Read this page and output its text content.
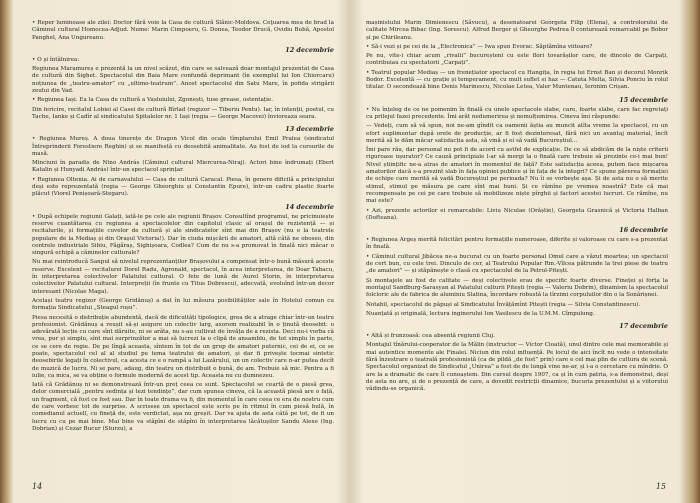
• Reper luminoase ale zilei: Doctor fără voie la Casa de cultură Slănic-Moldova. Ceţuarea mea de brad la Căminul cultural Homocea-Adjud. Nume: Marin Cimpoeru, G. Donea, Teodor Drucă, Ovidiu Bubă, Apostol Panghel, Ana Ungureanu.

12 decembrie

• O și întâlnirea:

Regiunea Maramureș e prezentă la un nivel scăzut, din care se salvează doar montajul prezentat de Casa de cultură din Sighet. Spectacolul din Baia Mare confundă deprimant (în exemplul lui Ion Chiorcaru) noțiunea de „teatru-amator” cu „ultimo-teatrum”. Anost spectacolul din Satu Mare, în pofida strigării zeului din Vad.

• Regiunea Iași. Ea la Casa de cultură a Vasluiului, Zgonești, tuse grease, ostentație.

Din fericire, recitalul Lobiei al Casei de cultură Bîrlad (regizor — Tiberiu Pentu). Iar, în intenții, poetul, cu Tache, Ianke și Cadîr al sindicatului Spitalelor nr. 1 Iași (regia — George Macovei) învioreaza seara.

13 decembrie

• Regiunea Mureș. A doua tinerețe de Dragon Vicol din ocale tîmplarului Emil Pralea (sindicatul Întreprinderii Forestiere Reghin) și se manifestă cu deosebită animalitate. Au fost de iod la cursurile de masă.

Minciuni în paradis de Nino András (Căminul cultural Miercurea-Niraj). Actori bine îndrumați (Ebert Katalin și Hunyadi András) într-un spectacol sprințar.

• Regiunea Oltenia. Ai de carnavalului — Casa de cultură Caracal. Piesa, în genere dificilă a principiului deși este reprezentată (regia — George Gheorghiu și Constantin Epure), într-un cadru plastic foarte plăcut (Viorel Penișoară-Stegaru).

14 decembrie

• După echipele regiunii Galați, iată-le pe cele ale regiunii Brașov. Consultînd programul, ne pricinuiește reserve cuantătarea cu regiunea a spectacolelor din capitolul clasic al orașul de rezistență — și recitalurile, și formațiile cuvelor de cultură și ale sindicatelor sînt mai din Brașov (nu e la teatrele populare de la Mediaș și din Orașul Victoria!). Dar în ciuda mișcării de amatori, altă câtă ne oboseo, din centrele industriale Sibiu, Făgăraș, Sighișoara, Codlea? Cum de nu s-a promovat în finală nici măcar o singură echipă a căminelor culturale?

Nu mai reintroducă Sanpul să nivelul reprezentanților Brașovului a compensat într-o bună măsură aceste reserve. Excelent — recitalurei Dorel Radu, Agronald, spectacol, în acea interpretarea, de Doar Tabacu, în interpretarea colectivelor Palatului cultural. O fete de lună de Aurel Storin, în interpretarea colectivelor Palatului cultural. Interpreții (în frunte cu Titus Dobrescu), adecvată, evoluînd într-un decor interesant (Nicolae Maga).

Același teatru regizor (George Gridănuș) a dat în lui măsura posibilităților sale în Hotelul comun cu formația Sindicatului „Steagul roșu”.

Piesa necesită o distribuție abundentă, dacă de dificultăți tipologice, grea de a atrage chiar într-un teatru profesionist. Grădănuș a reușit să-și asigure un colectiv larg, axorem realizabil în o ținută deosebit: o adevărată lecție cu care sînt dăruite, ni se arăta, nu s-au cultivat de învăța de a rezista. Deci nu-i vorba că vrea, pur și simplu, sînt mai surprinzător a mai să lucrezi la o clipă de ansamblu, de tot simplu în parte, ce se cere de regie. De pe lîngă aceasta, sîntem în tot de un grup de amatori puternic, cei de ei, ce se poate, spectacolul cel al al studiul pe tema teatrului de amatori, și dar fi privește tocmai sintetic deosebirile legați în colectivul, ca acesta ce e o rampă a lui Lazărului, un un colectiv care n-ar putea decît de muzică de lucru. Ni se pare, adaug, din teatru un distribuit o bună, de am. Trebuie să mic. Pentru a fi iulie, ca mica, se va obține o formule modernă de acest tip. Aceasta nu cu dumnezeu.

Iată că Grădănuș ni se demonstrează într-un preț ceea ce sunt. Spectacolul se ceartă de o piesă grea, delor comercială „pentru sedința și tezi tendințe”, dar cum spunea cineva, că la această piesă are o față, un fragment, că fost ce fost sau. Dar în toate drama va fi, din momentul în care ceea ce era de nostru cum de care vorbesc tot de surprise. A scrisese un spectacol este scris pe în ritmul în cum piesă bulă, în comedianul actuell, cu fineță de, este verdictat, așa nu greșit. Dar va ajuta de asta câtă pe tot, de fi un lucru cu cu pe mai bine. Mai bine va stăpîni de stăpîni în interpretarea lăcătușilor Sandu Alexe (Ing. Dobrian) și Cezar Bucur (Sturzu), a

14

mașinistului Marin Dimienescu (Săvucu), a desenatoarei Georgeta Filip (Elena), a controlorului de calitate Mircea Bibac (Ing. Sorescu). Alfred Berger și Gheorghe Pedrea îl conturează remarcabil pe Bobor și pe Chirileanu.

• Să-i vezi și pe cei de la „Electronica” — Iwa spun Evorac. Săptămîna viitoare?

Pe nu, vite-i chiar acum „rivalii” bucureșteni cu este flori tovarășilor care, de dincolo de Carpați, contribuiau cu spectatorii „Carpați”.

• Teatrul popular Mediaș — un frenețiator spectacol cu Hangița, în regia lui Ernst Ban și decorul Monrik Bodor. Excelentă — cu grație și temperament, cu mult suflet si haz — Catuta Melta, Silvia Ponciu în rolul titular. O secondează bine Denis Marinescu, Nicolae Letea, Valer Muntenau, Ieronim Crișan.

15 decembrie

• Nu înțeleg de ce ne pomenim în finală cu unele spectacole slabe, care, foarte slabe, care fac regretați cu prilejul fazei precedente. Îmi arăt nedumerirea și nemulțumirea. Cineva îmi răspunde:

— Vedeți, cum să vă spun, noi ne-am gîndit ca oamenii ăștia au muncit atîta vreme la spectacol, cu un efort suplimentar după orele de producție, ar fi fost dezinteresat, fără nici un avantaj material, încît merită să le dăm măcar satisfacția asta, să vină și ei să vadă Bucureștiul...

Îmi pare rău, dar personal nu pot fi de acord cu astfel de explicație. De ce să abdicăm de la niște criterii riguroase ușurator? Ce cauză principiale l-ar să mergi la o finală care trebuie să prezinte ce-i mai bun! Nivel științific ne-a atras de amatori în momentul de față? Este satisfacția aceea, putem face mișcarea amatorilor dacă s-a prezint slab în fața opiniei publice și în fața de la integri? Ce spune părerea formației de echipe care merită să vadă Bucureștiul pe perioada? Nu îi se vorbește așa. Și de asta nu o să merite stimul, stimul pe măsura pe care sînt mai buni. Și ce rămîne pe vremea noastră? Este că mai recompensate pe cei pe care trebuie să mobilizeze niște pîrghii și factori acestei lucruri. Ce rămîne, nu mai este?

• Azi, prezente actorilor ei remarcabile: Liviu Niculae (Orăștie), Georgeta Grasnică și Victoria Halban (Dofteana).

16 decembrie

• Regiunea Argeș merită felicitări pentru formațiile numeroase, diferite și valoroase cu care s-a prezentat în finală.

• Căminul cultural Jibăcea ne-a bucurat cu un foarte personal Omul care a văzut moartea; un spectacol de cert bun, cu cele trei. Dinculo de cer, al Teatrului Popular Rm.-Vîlcea pătrunde la trei piese de teatru „de amatori” — și stăpânește o clasă cu spectacolul de la Petrol-Pitești.

Și montajele au fost de calitate — deși colectivele erau de specific foarte diverse. Fineței și forța la montajul Sandburg-Sarasyan al Palatului culturii Pitești (regia — Valeriu Dobrin), dinamism la spectacolul folcloric ale de fabrica de aluminiu Slatina, încordare robustă la tîrzimi corpuluilor din o la Sonărișnei.

Notabil, spectacolul de păpuși al Sindicatului Învățămînt Pitești (regia — Silvia Constantinescu).

Nuanțată și originală, lectura inginerului Ion Vasilescu de la U.M.M. Cîmpulung.

17 decembrie

• Altă și frunzoasă: cea absentă regiunii Cluj.

Montajul tînărului-cooperator de la Mălin (instructor — Victor Cioată), unul dintre cele mai memorabile și mai autentice momente ale Finalei. Niciun din rolul influență. Pe locul de aici încît nu vede o intensitate fără înzestrare o teatrală profesionistă (ca de pildă „de fost” prin) care e cel mai plin de cultura de scenă. Spectacolul organizat de Sindicatul „Unirea” a fost de de lungă vine ne-ar, și i-a o cercetare cu mîndrie. O are la a dramatic de care îl cunoaștem. Din cursul despre 1907, ca și în cum patria, s-a demonstrat, deși de asta nu are, și de o prezență de care, a dovedit restricții dinamice, bucuria prezentului și a viitorului vădindu-se organică.

15
